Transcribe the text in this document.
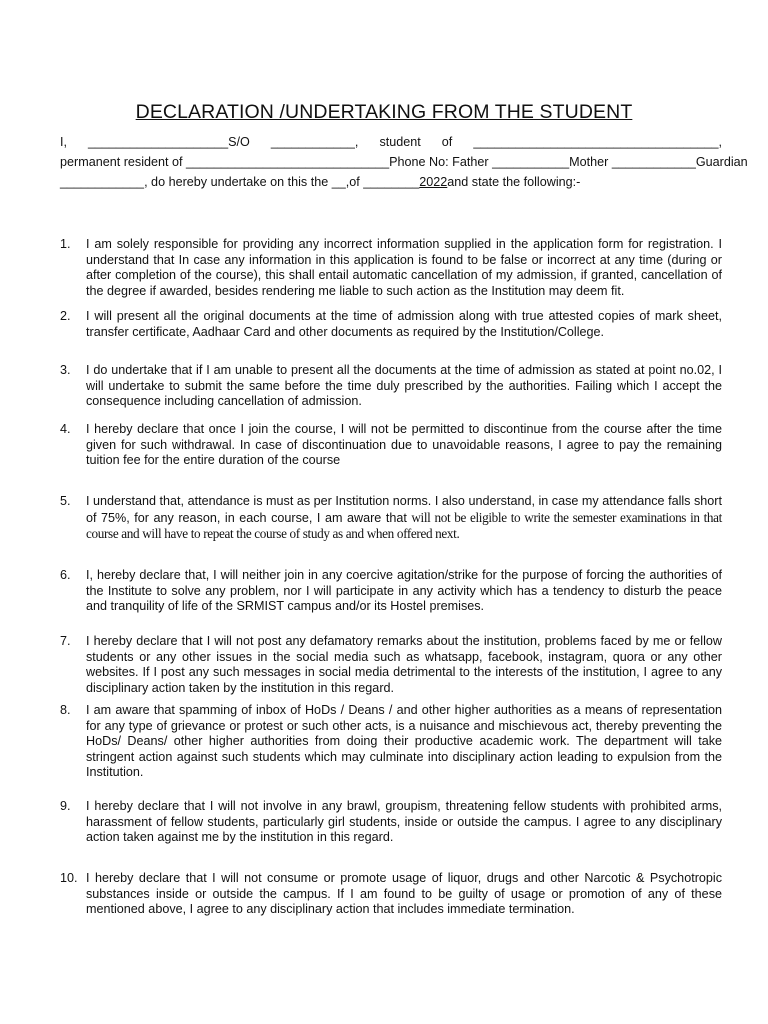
DECLARATION /UNDERTAKING FROM THE STUDENT
I, ____________________S/O ____________, student of ___________________________________,
permanent resident of _____________________________ Phone No: Father ___________ Mother ____________Guardian
____________, do hereby undertake on this the __,of ________2022and state the following:-
1.	I am solely responsible for providing any incorrect information supplied in the application form for registration. I understand that In case any information in this application is found to be false or incorrect at any time (during or after completion of the course), this shall entail automatic cancellation of my admission, if granted, cancellation of the degree if awarded, besides rendering me liable to such action as the Institution may deem fit.
2.	I will present all the original documents at the time of admission along with true attested copies of mark sheet, transfer certificate, Aadhaar Card and other documents as required by the Institution/College.
3.	I do undertake that if I am unable to present all the documents at the time of admission as stated at point no.02, I will undertake to submit the same before the time duly prescribed by the authorities. Failing which I accept the consequence including cancellation of admission.
4.	I hereby declare that once I join the course, I will not be permitted to discontinue from the course after the time given for such withdrawal. In case of discontinuation due to unavoidable reasons, I agree to pay the remaining tuition fee for the entire duration of the course
5.	I understand that, attendance is must as per Institution norms. I also understand, in case my attendance falls short of 75%, for any reason, in each course, I am aware that will not be eligible to write the semester examinations in that course and will have to repeat the course of study as and when offered next.
6.	I, hereby declare that, I will neither join in any coercive agitation/strike for the purpose of forcing the authorities of the Institute to solve any problem, nor I will participate in any activity which has a tendency to disturb the peace and tranquility of life of the SRMIST campus and/or its Hostel premises.
7.	I hereby declare that I will not post any defamatory remarks about the institution, problems faced by me or fellow students or any other issues in the social media such as whatsapp, facebook, instagram, quora or any other websites. If I post any such messages in social media detrimental to the interests of the institution, I agree to any disciplinary action taken by the institution in this regard.
8.	I am aware that spamming of inbox of HoDs / Deans / and other higher authorities as a means of representation for any type of grievance or protest or such other acts, is a nuisance and mischievous act, thereby preventing the HoDs/ Deans/ other higher authorities from doing their productive academic work. The department will take stringent action against such students which may culminate into disciplinary action leading to expulsion from the Institution.
9.	I hereby declare that I will not involve in any brawl, groupism, threatening fellow students with prohibited arms, harassment of fellow students, particularly girl students, inside or outside the campus. I agree to any disciplinary action taken against me by the institution in this regard.
10. I hereby declare that I will not consume or promote usage of liquor, drugs and other Narcotic & Psychotropic substances inside or outside the campus. If I am found to be guilty of usage or promotion of any of these mentioned above, I agree to any disciplinary action that includes immediate termination.
